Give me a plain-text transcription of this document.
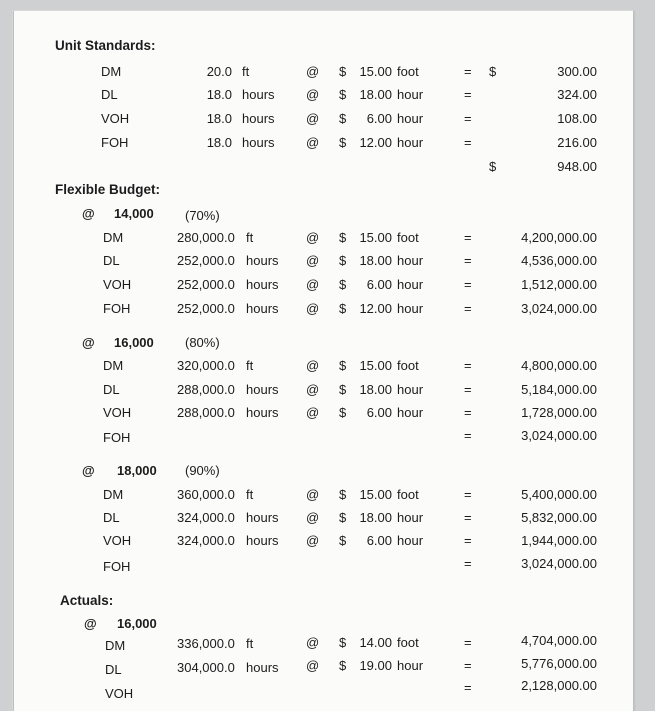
Unit Standards:
DM	20.0 ft	@ $	15.00 foot	= $	300.00
DL	18.0 hours @ $	18.00 hour	=	324.00
VOH	18.0 hours @ $	6.00 hour	=	108.00
FOH	18.0 hours @ $	12.00 hour	=	216.00
$	948.00
Flexible Budget:
@ 14,000 (70%)
DM	280,000.0 ft	@ $	15.00 foot	=	4,200,000.00
DL	252,000.0 hours @ $	18.00 hour	=	4,536,000.00
VOH	252,000.0 hours @ $	6.00 hour	=	1,512,000.00
FOH	252,000.0 hours @ $	12.00 hour	=	3,024,000.00
@ 16,000 (80%)
DM	320,000.0 ft	@ $	15.00 foot	=	4,800,000.00
DL	288,000.0 hours @ $	18.00 hour	=	5,184,000.00
VOH	288,000.0 hours @ $	6.00 hour	=	1,728,000.00
FOH	=	3,024,000.00
@ 18,000 (90%)
DM	360,000.0 ft	@ $	15.00 foot	=	5,400,000.00
DL	324,000.0 hours @ $	18.00 hour	=	5,832,000.00
VOH	324,000.0 hours @ $	6.00 hour	=	1,944,000.00
FOH	=	3,024,000.00
Actuals:
@ 16,000
DM	336,000.0 ft	@ $	14.00 foot	=	4,704,000.00
DL	304,000.0 hours @ $	19.00 hour	=	5,776,000.00
VOH	=	2,128,000.00
